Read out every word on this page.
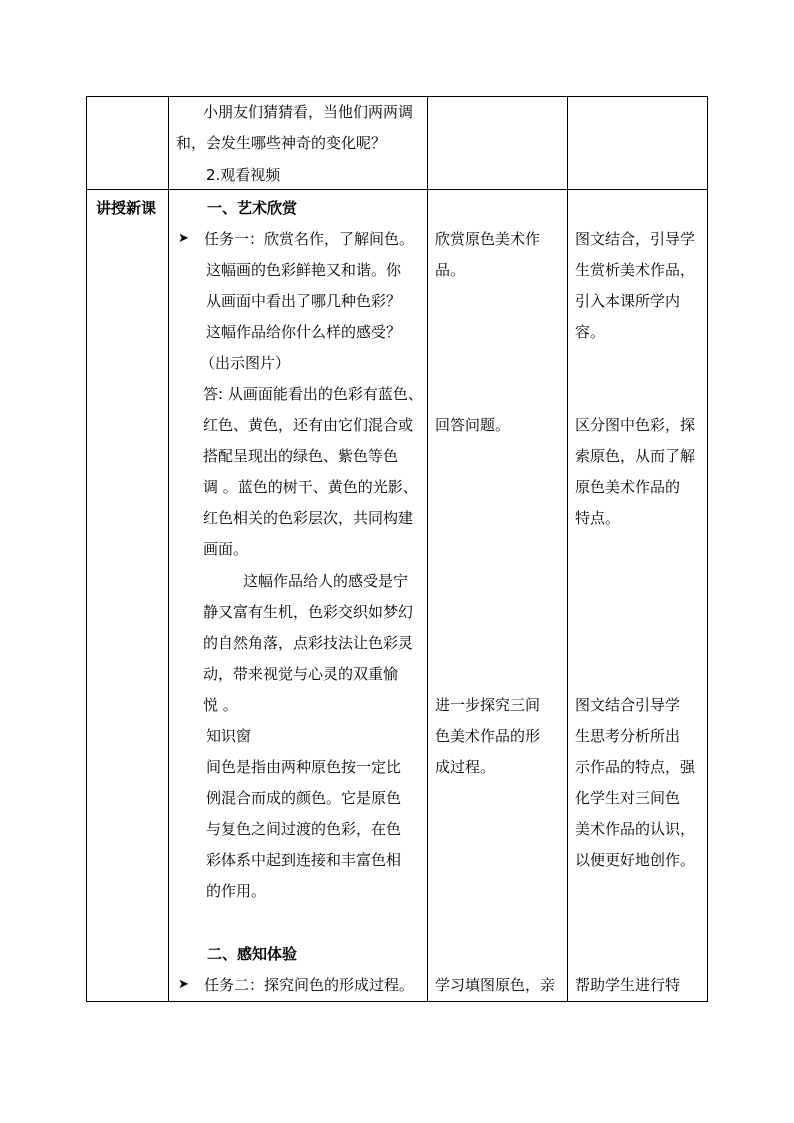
小朋友们猜猜看，当他们两两调
和，会发生哪些神奇的变化呢？
2.观看视频
讲授新课	一、艺术欣赏
➤ 任务一：欣赏名作，了解间色。
这幅画的色彩鲜艳又和谐。你
从画面中看出了哪几种色彩？
这幅作品给你什么样的感受？
（出示图片）
答: 从画面能看出的色彩有蓝色、
红色、黄色，还有由它们混合或
搭配呈现出的绿色、紫色等色
调 。蓝色的树干、黄色的光影、
红色相关的色彩层次，共同构建
画面。
这幅作品给人的感受是宁
静又富有生机，色彩交织如梦幻
的自然角落，点彩技法让色彩灵
动，带来视觉与心灵的双重愉
悦 。
知识窗
间色是指由两种原色按一定比
例混合而成的颜色。它是原色
与复色之间过渡的色彩，在色
彩体系中起到连接和丰富色相
的作用。
二、感知体验
➤ 任务二：探究间色的形成过程。
欣赏原色美术作
品。
回答问题。
进一步探究三间
色美术作品的形
成过程。
学习填图原色，亲
图文结合，引导学
生赏析美术作品，
引入本课所学内
容。
区分图中色彩，探
索原色，从而了解
原色美术作品的
特点。
图文结合引导学
生思考分析所出
示作品的特点，强
化学生对三间色
美术作品的认识，
以便更好地创作。
帮助学生进行特
